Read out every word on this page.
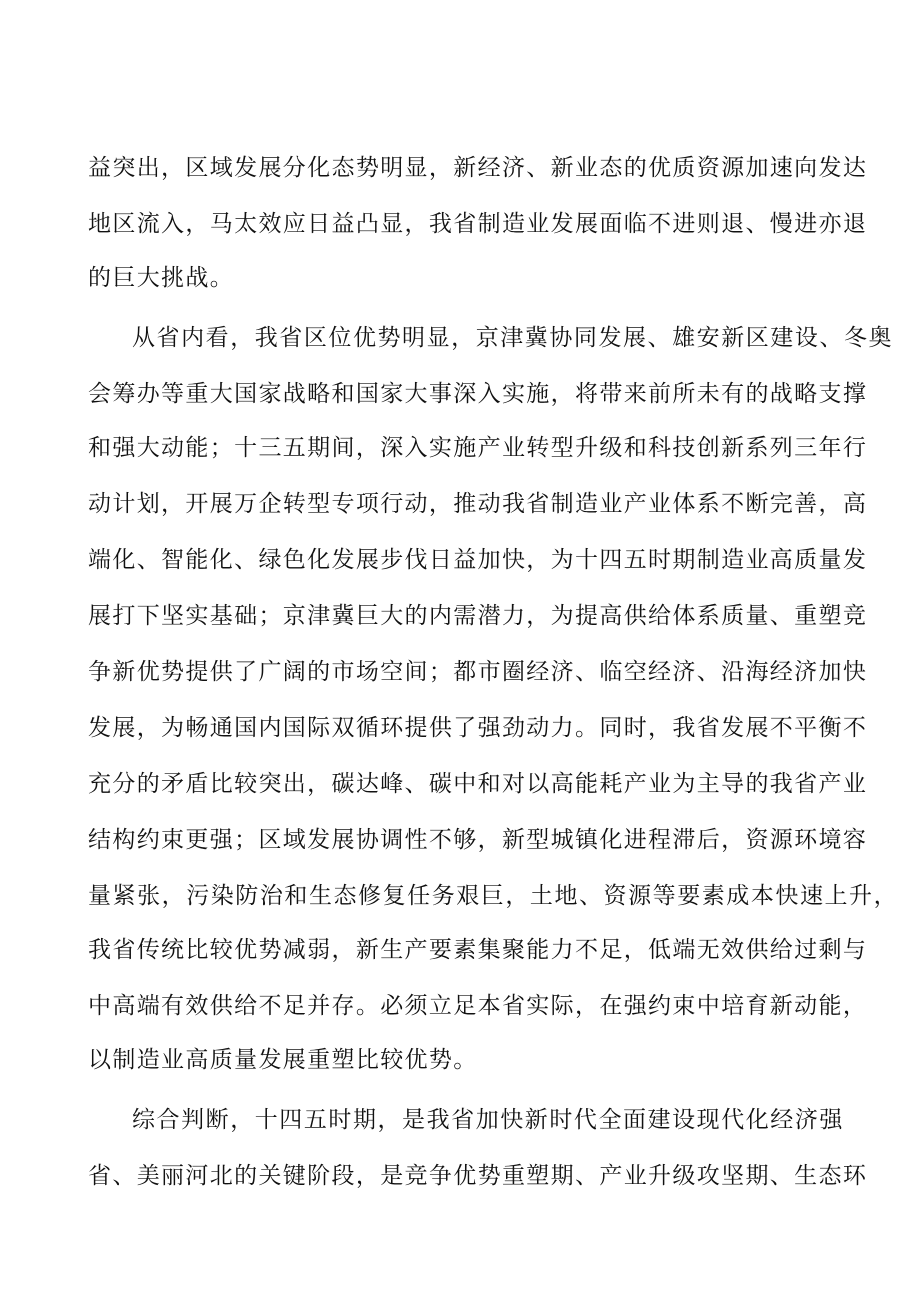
益突出，区域发展分化态势明显，新经济、新业态的优质资源加速向发达
地区流入，马太效应日益凸显，我省制造业发展面临不进则退、慢进亦退
的巨大挑战。
从省内看，我省区位优势明显，京津冀协同发展、雄安新区建设、冬奥
会筹办等重大国家战略和国家大事深入实施，将带来前所未有的战略支撑
和强大动能；十三五期间，深入实施产业转型升级和科技创新系列三年行
动计划，开展万企转型专项行动，推动我省制造业产业体系不断完善，高
端化、智能化、绿色化发展步伐日益加快，为十四五时期制造业高质量发
展打下坚实基础；京津冀巨大的内需潜力，为提高供给体系质量、重塑竞
争新优势提供了广阔的市场空间；都市圈经济、临空经济、沿海经济加快
发展，为畅通国内国际双循环提供了强劲动力。同时，我省发展不平衡不
充分的矛盾比较突出，碳达峰、碳中和对以高能耗产业为主导的我省产业
结构约束更强；区域发展协调性不够，新型城镇化进程滞后，资源环境容
量紧张，污染防治和生态修复任务艰巨，土地、资源等要素成本快速上升，
我省传统比较优势减弱，新生产要素集聚能力不足，低端无效供给过剩与
中高端有效供给不足并存。必须立足本省实际，在强约束中培育新动能，
以制造业高质量发展重塑比较优势。
综合判断，十四五时期，是我省加快新时代全面建设现代化经济强
省、美丽河北的关键阶段，是竞争优势重塑期、产业升级攻坚期、生态环
